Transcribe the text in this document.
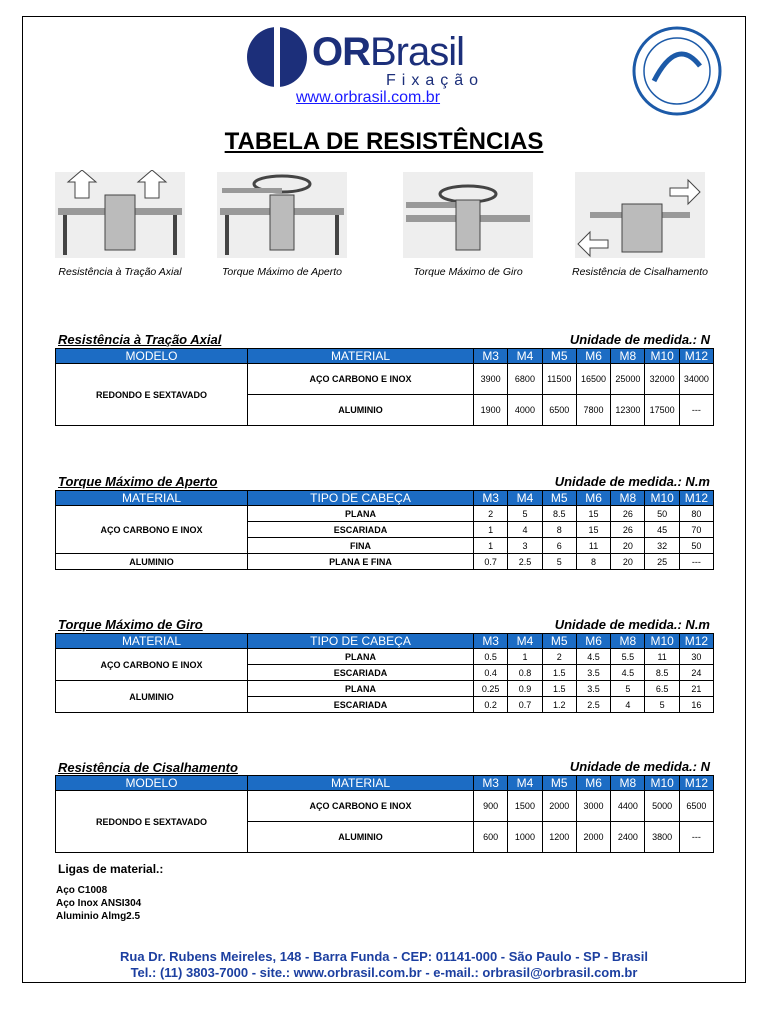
ORBrasil
Fixação
www.orbrasil.com.br
TABELA DE RESISTÊNCIAS
Resistência à Tração Axial	Torque Máximo de Aperto	Torque Máximo de Giro	Resistência de Cisalhamento
Resistência à Tração Axial	Unidade de medida.: N
MODELO	MATERIAL	M3	M4	M5	M6	M8	M10	M12
REDONDO E SEXTAVADO	AÇO CARBONO E INOX	3900	6800	11500	16500	25000	32000	34000
	ALUMINIO	1900	4000	6500	7800	12300	17500	---
Torque Máximo de Aperto	Unidade de medida.: N.m
MATERIAL	TIPO DE CABEÇA	M3	M4	M5	M6	M8	M10	M12
AÇO CARBONO E INOX	PLANA	2	5	8.5	15	26	50	80
	ESCARIADA	1	4	8	15	26	45	70
	FINA	1	3	6	11	20	32	50
ALUMINIO	PLANA E FINA	0.7	2.5	5	8	20	25	---
Torque Máximo de Giro	Unidade de medida.: N.m
MATERIAL	TIPO DE CABEÇA	M3	M4	M5	M6	M8	M10	M12
AÇO CARBONO E INOX	PLANA	0.5	1	2	4.5	5.5	11	30
	ESCARIADA	0.4	0.8	1.5	3.5	4.5	8.5	24
ALUMINIO	PLANA	0.25	0.9	1.5	3.5	5	6.5	21
	ESCARIADA	0.2	0.7	1.2	2.5	4	5	16
Resistência de Cisalhamento	Unidade de medida.: N
MODELO	MATERIAL	M3	M4	M5	M6	M8	M10	M12
REDONDO E SEXTAVADO	AÇO CARBONO E INOX	900	1500	2000	3000	4400	5000	6500
	ALUMINIO	600	1000	1200	2000	2400	3800	---
Ligas de material.:
Aço C1008
Aço Inox ANSI304
Aluminio Almg2.5
Rua Dr. Rubens Meireles, 148 - Barra Funda - CEP: 01141-000 - São Paulo - SP - Brasil
Tel.: (11) 3803-7000 - site.: www.orbrasil.com.br - e-mail.: orbrasil@orbrasil.com.br
